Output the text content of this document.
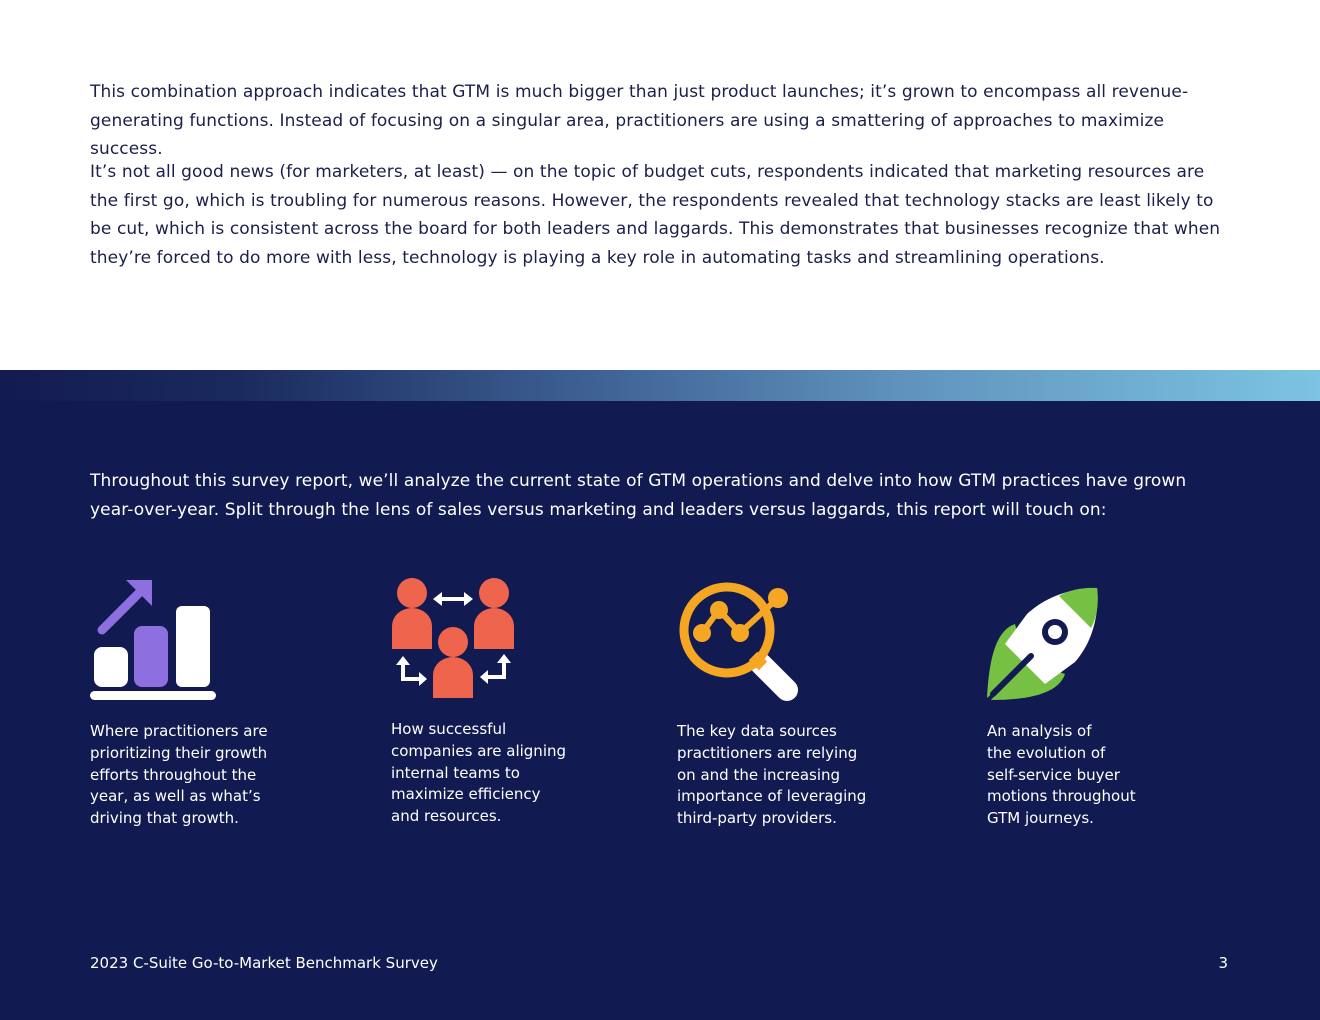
This combination approach indicates that GTM is much bigger than just product launches; it’s grown to encompass all revenue-generating functions. Instead of focusing on a singular area, practitioners are using a smattering of approaches to maximize success.

It’s not all good news (for marketers, at least) — on the topic of budget cuts, respondents indicated that marketing resources are the first go, which is troubling for numerous reasons. However, the respondents revealed that technology stacks are least likely to be cut, which is consistent across the board for both leaders and laggards. This demonstrates that businesses recognize that when they’re forced to do more with less, technology is playing a key role in automating tasks and streamlining operations.

Throughout this survey report, we’ll analyze the current state of GTM operations and delve into how GTM practices have grown year-over-year. Split through the lens of sales versus marketing and leaders versus laggards, this report will touch on:

Where practitioners are
prioritizing their growth
efforts throughout the
year, as well as what’s
driving that growth.
How successful
companies are aligning
internal teams to
maximize efficiency
and resources.
The key data sources
practitioners are relying
on and the increasing
importance of leveraging
third-party providers.
An analysis of
the evolution of
self-service buyer
motions throughout
GTM journeys.
2023 C-Suite Go-to-Market Benchmark Survey	3
